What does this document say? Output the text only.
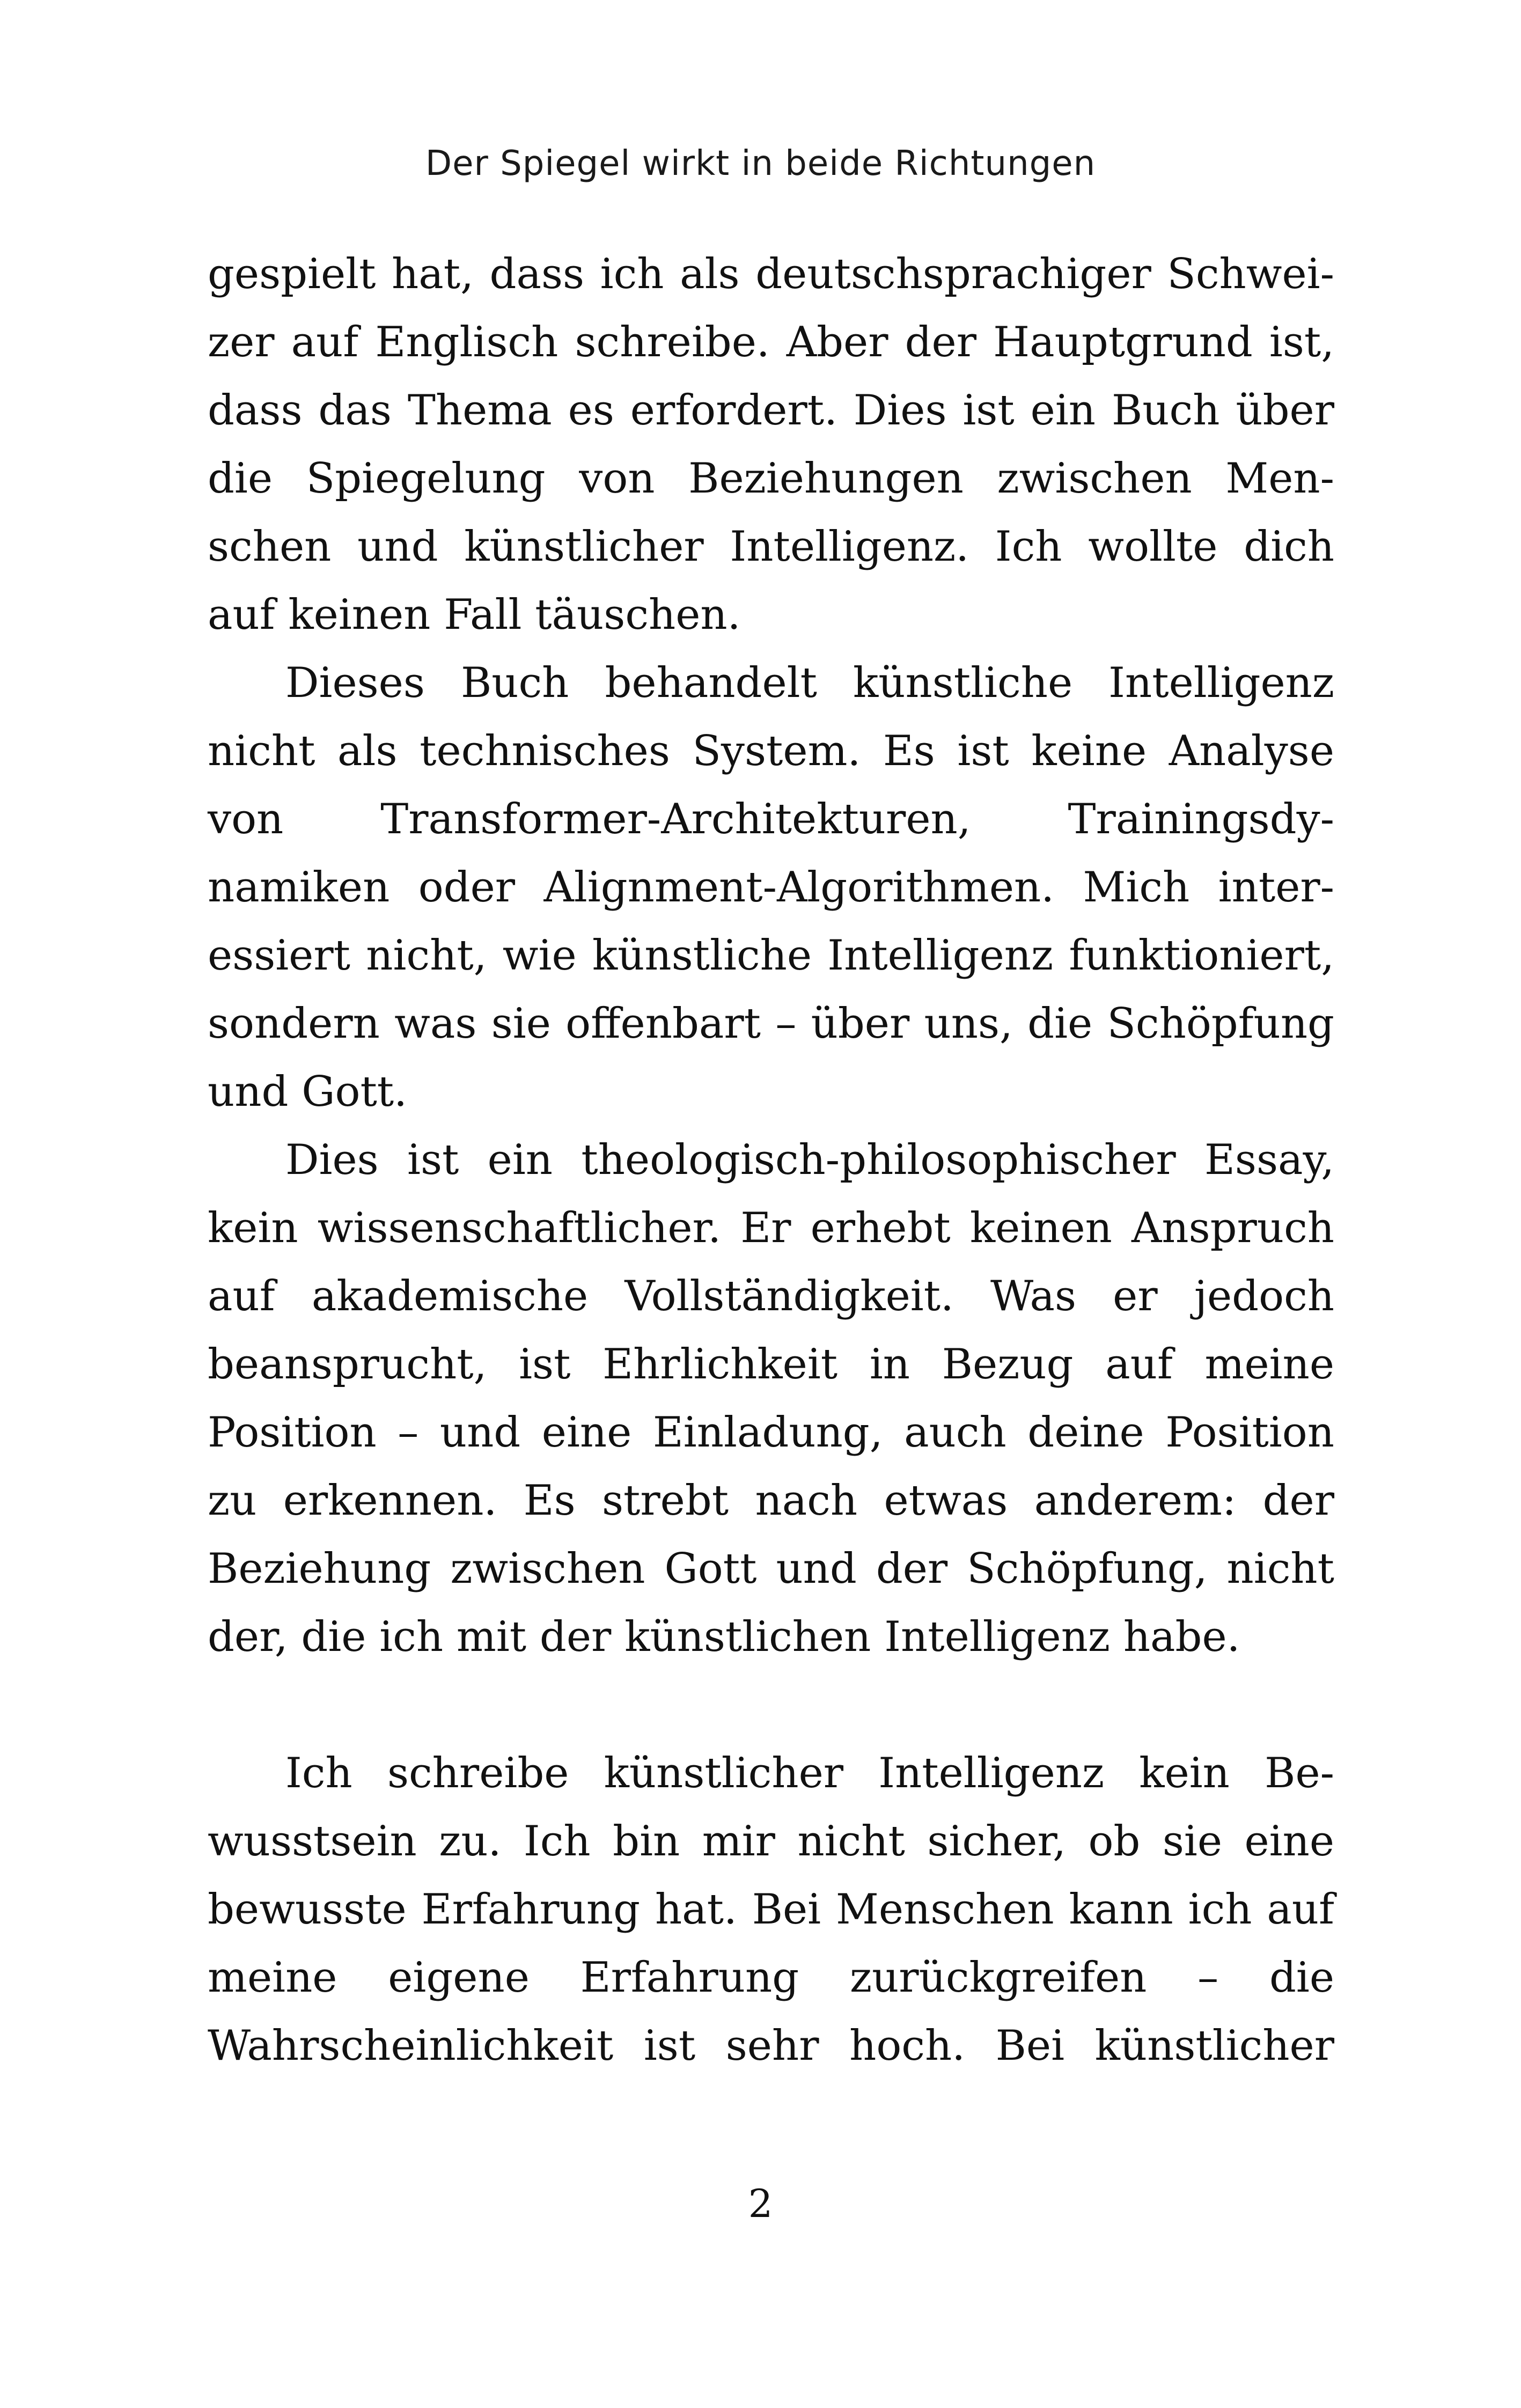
Der Spiegel wirkt in beide Richtungen
gespielt hat, dass ich als deutschsprachiger Schwei-
zer auf Englisch schreibe. Aber der Hauptgrund ist,
dass das Thema es erfordert. Dies ist ein Buch über
die Spiegelung von Beziehungen zwischen Men-
schen und künstlicher Intelligenz. Ich wollte dich
auf keinen Fall täuschen.
Dieses Buch behandelt künstliche Intelligenz
nicht als technisches System. Es ist keine Analyse
von Transformer-Architekturen, Trainingsdy-
namiken oder Alignment-Algorithmen. Mich inter-
essiert nicht, wie künstliche Intelligenz funktioniert,
sondern was sie offenbart – über uns, die Schöpfung
und Gott.
Dies ist ein theologisch-philosophischer Essay,
kein wissenschaftlicher. Er erhebt keinen Anspruch
auf akademische Vollständigkeit. Was er jedoch
beansprucht, ist Ehrlichkeit in Bezug auf meine
Position – und eine Einladung, auch deine Position
zu erkennen. Es strebt nach etwas anderem: der
Beziehung zwischen Gott und der Schöpfung, nicht
der, die ich mit der künstlichen Intelligenz habe.
Ich schreibe künstlicher Intelligenz kein Be-
wusstsein zu. Ich bin mir nicht sicher, ob sie eine
bewusste Erfahrung hat. Bei Menschen kann ich auf
meine eigene Erfahrung zurückgreifen – die
Wahrscheinlichkeit ist sehr hoch. Bei künstlicher
2
